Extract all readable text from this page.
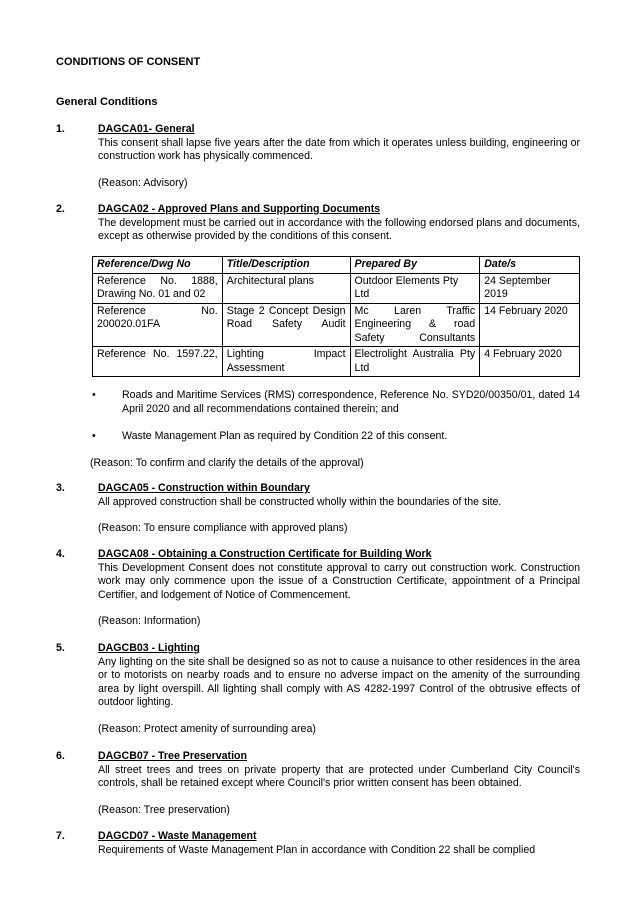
CONDITIONS OF CONSENT
General Conditions
1.	DAGCA01- General
This consent shall lapse five years after the date from which it operates unless building, engineering or construction work has physically commenced.
(Reason: Advisory)
2.	DAGCA02 - Approved Plans and Supporting Documents
The development must be carried out in accordance with the following endorsed plans and documents, except as otherwise provided by the conditions of this consent.
Reference/Dwg No	Title/Description	Prepared By	Date/s
Reference No. 1888, Drawing No. 01 and 02	Architectural plans	Outdoor Elements Pty Ltd	24 September 2019
Reference No. 200020.01FA	Stage 2 Concept Design Road Safety Audit	Mc Laren Traffic Engineering & road Safety Consultants	14 February 2020
Reference No. 1597.22,	Lighting Impact Assessment	Electrolight Australia Pty Ltd	4 February 2020
• Roads and Maritime Services (RMS) correspondence, Reference No. SYD20/00350/01, dated 14 April 2020 and all recommendations contained therein; and
• Waste Management Plan as required by Condition 22 of this consent.
(Reason: To confirm and clarify the details of the approval)
3.	DAGCA05 - Construction within Boundary
All approved construction shall be constructed wholly within the boundaries of the site.
(Reason: To ensure compliance with approved plans)
4.	DAGCA08 - Obtaining a Construction Certificate for Building Work
This Development Consent does not constitute approval to carry out construction work. Construction work may only commence upon the issue of a Construction Certificate, appointment of a Principal Certifier, and lodgement of Notice of Commencement.
(Reason: Information)
5.	DAGCB03 - Lighting
Any lighting on the site shall be designed so as not to cause a nuisance to other residences in the area or to motorists on nearby roads and to ensure no adverse impact on the amenity of the surrounding area by light overspill. All lighting shall comply with AS 4282-1997 Control of the obtrusive effects of outdoor lighting.
(Reason: Protect amenity of surrounding area)
6.	DAGCB07 - Tree Preservation
All street trees and trees on private property that are protected under Cumberland City Council's controls, shall be retained except where Council's prior written consent has been obtained.
(Reason: Tree preservation)
7.	DAGCD07 - Waste Management
Requirements of Waste Management Plan in accordance with Condition 22 shall be complied
